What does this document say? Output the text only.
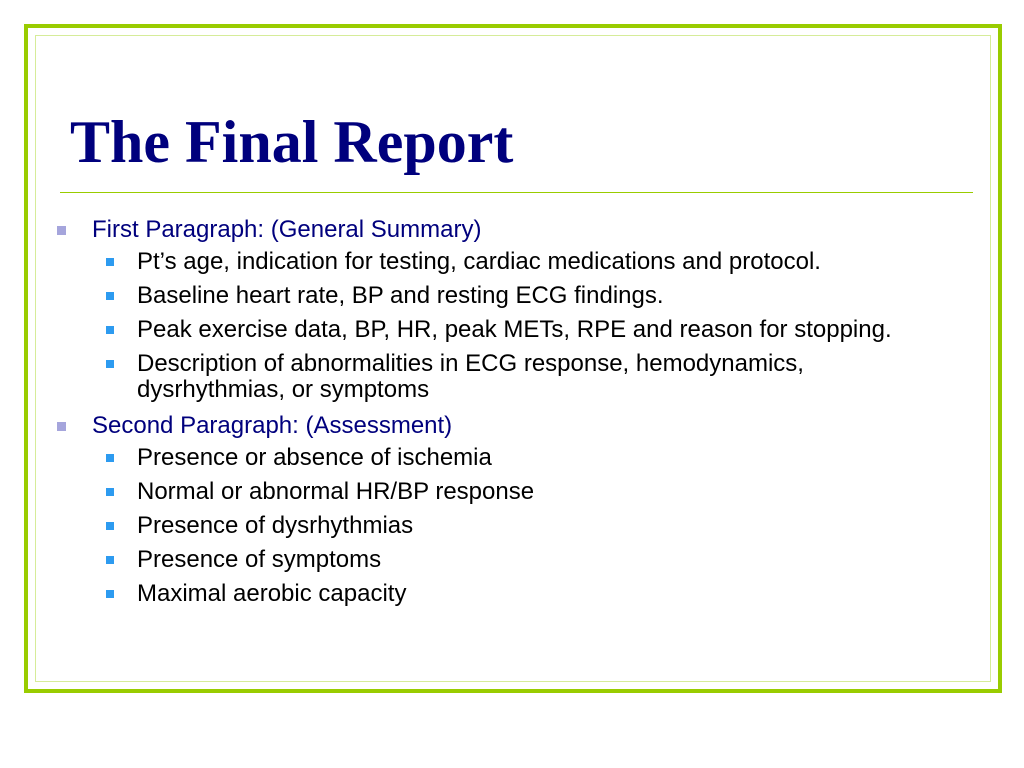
The Final Report
First Paragraph: (General Summary)
Pt’s age, indication for testing, cardiac medications and protocol.
Baseline heart rate, BP and resting ECG findings.
Peak exercise data, BP, HR, peak METs, RPE and reason for stopping.
Description of abnormalities in ECG response, hemodynamics, dysrhythmias, or symptoms
Second Paragraph: (Assessment)
Presence or absence of ischemia
Normal or abnormal HR/BP response
Presence of dysrhythmias
Presence of symptoms
Maximal aerobic capacity
